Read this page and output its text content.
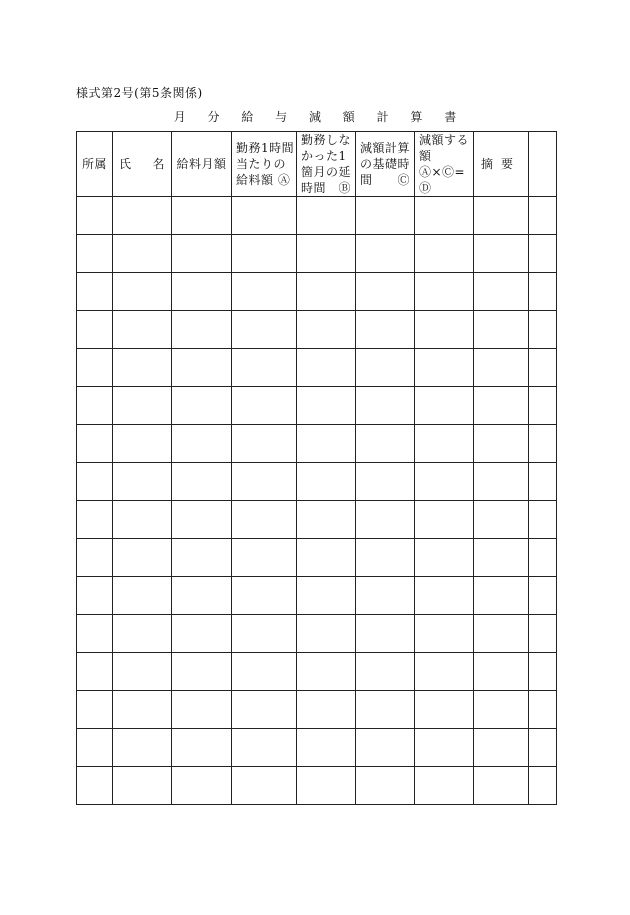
様式第2号(第5条関係)
月 分 給 与 減 額 計 算 書
所属	氏 名	給料月額	勤務1時間
当たりの
給料額 Ⓐ	勤務しな
かった1
箇月の延
時間　Ⓑ	減額計算
の基礎時
間　　Ⓒ	減額する
額
Ⓐ×Ⓒ=
Ⓓ	摘要	
